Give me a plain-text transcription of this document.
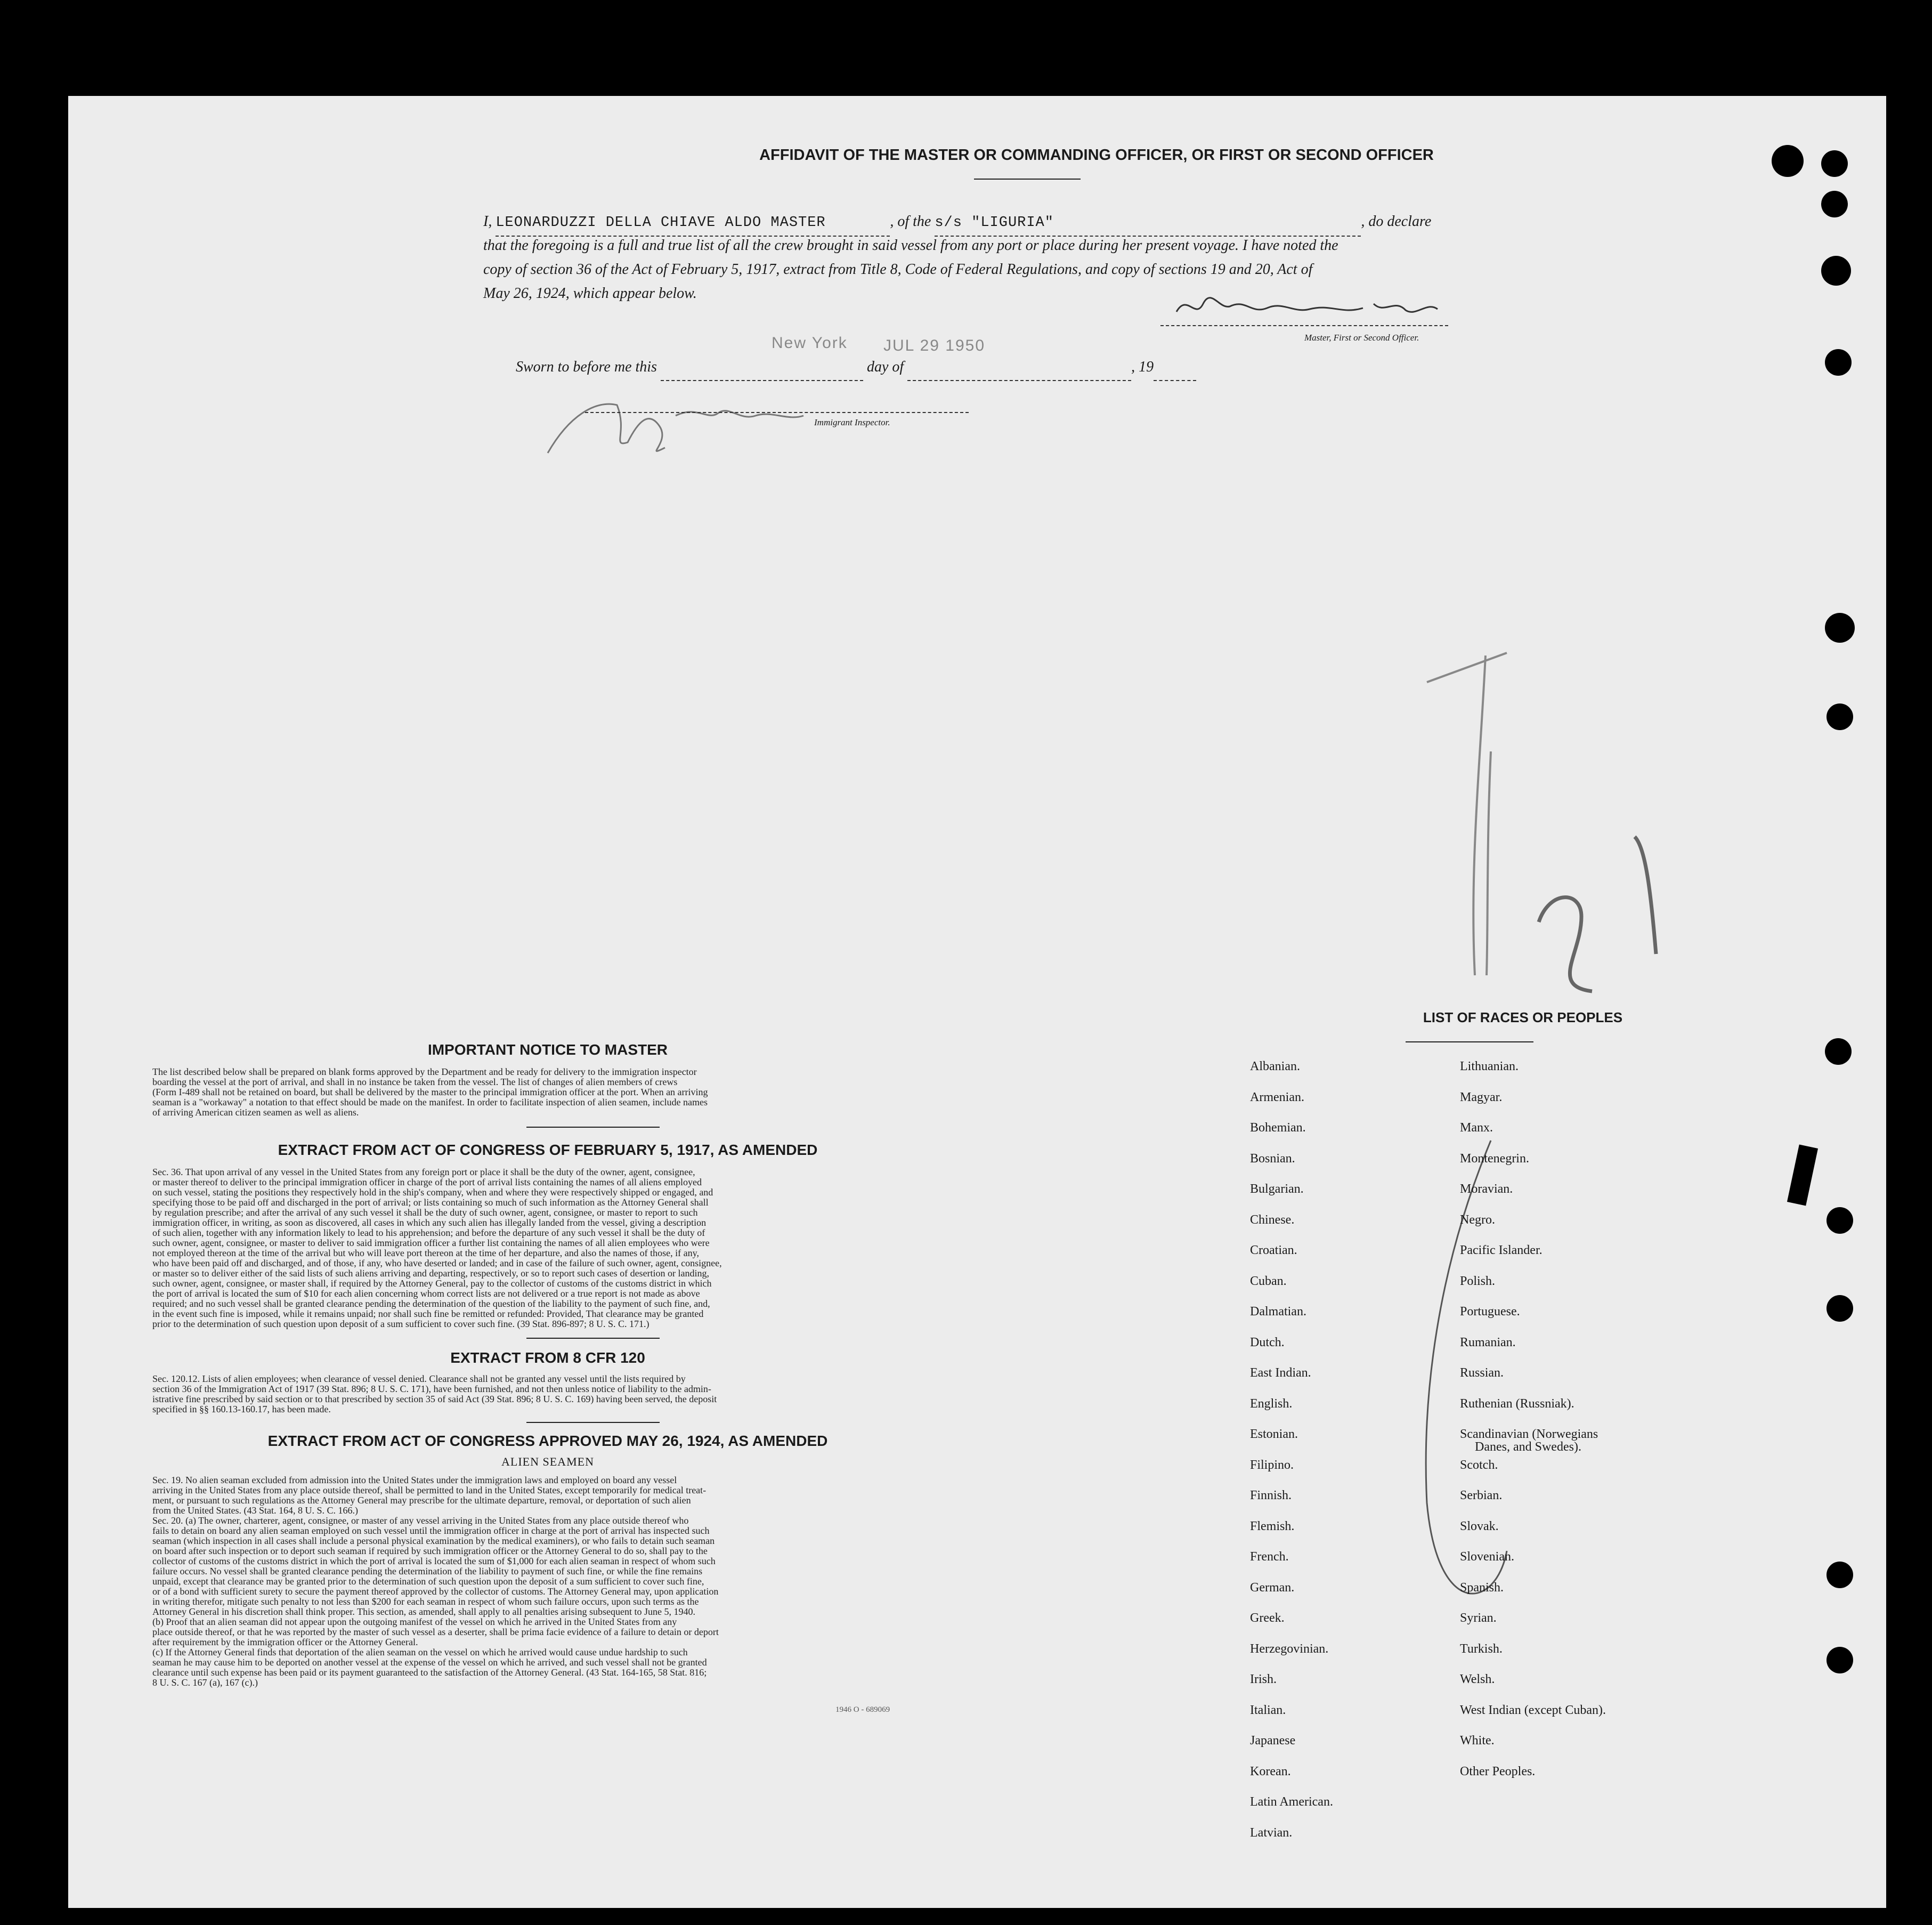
AFFIDAVIT OF THE MASTER OR COMMANDING OFFICER, OR FIRST OR SECOND OFFICER
I, LEONARDUZZI DELLA CHIAVE ALDO MASTER	, of the s/s "LIGURIA"	, do declare
that the foregoing is a full and true list of all the crew brought in said vessel from any port or place during her present voyage. I have noted the
copy of section 36 of the Act of February 5, 1917, extract from Title 8, Code of Federal Regulations, and copy of sections 19 and 20, Act of
May 26, 1924, which appear below.
Master, First or Second Officer.
New York JUL 29 1950
Sworn to before me this	day of	, 19
Immigrant Inspector.
IMPORTANT NOTICE TO MASTER
The list described below shall be prepared on blank forms approved by the Department and be ready for delivery to the immigration inspector
boarding the vessel at the port of arrival, and shall in no instance be taken from the vessel. The list of changes of alien members of crews
(Form I-489 shall not be retained on board, but shall be delivered by the master to the principal immigration officer at the port. When an arriving
seaman is a "workaway" a notation to that effect should be made on the manifest. In order to facilitate inspection of alien seamen, include names
of arriving American citizen seamen as well as aliens.
EXTRACT FROM ACT OF CONGRESS OF FEBRUARY 5, 1917, AS AMENDED
Sec. 36. That upon arrival of any vessel in the United States from any foreign port or place it shall be the duty of the owner, agent, consignee,
or master thereof to deliver to the principal immigration officer in charge of the port of arrival lists containing the names of all aliens employed
on such vessel, stating the positions they respectively hold in the ship's company, when and where they were respectively shipped or engaged, and
specifying those to be paid off and discharged in the port of arrival; or lists containing so much of such information as the Attorney General shall
by regulation prescribe; and after the arrival of any such vessel it shall be the duty of such owner, agent, consignee, or master to report to such
immigration officer, in writing, as soon as discovered, all cases in which any such alien has illegally landed from the vessel, giving a description
of such alien, together with any information likely to lead to his apprehension; and before the departure of any such vessel it shall be the duty of
such owner, agent, consignee, or master to deliver to said immigration officer a further list containing the names of all alien employees who were
not employed thereon at the time of the arrival but who will leave port thereon at the time of her departure, and also the names of those, if any,
who have been paid off and discharged, and of those, if any, who have deserted or landed; and in case of the failure of such owner, agent, consignee,
or master so to deliver either of the said lists of such aliens arriving and departing, respectively, or so to report such cases of desertion or landing,
such owner, agent, consignee, or master shall, if required by the Attorney General, pay to the collector of customs of the customs district in which
the port of arrival is located the sum of $10 for each alien concerning whom correct lists are not delivered or a true report is not made as above
required; and no such vessel shall be granted clearance pending the determination of the question of the liability to the payment of such fine, and,
in the event such fine is imposed, while it remains unpaid; nor shall such fine be remitted or refunded: Provided, That clearance may be granted
prior to the determination of such question upon deposit of a sum sufficient to cover such fine. (39 Stat. 896-897; 8 U. S. C. 171.)
EXTRACT FROM 8 CFR 120
Sec. 120.12. Lists of alien employees; when clearance of vessel denied. Clearance shall not be granted any vessel until the lists required by
section 36 of the Immigration Act of 1917 (39 Stat. 896; 8 U. S. C. 171), have been furnished, and not then unless notice of liability to the admin-
istrative fine prescribed by said section or to that prescribed by section 35 of said Act (39 Stat. 896; 8 U. S. C. 169) having been served, the deposit
specified in §§ 160.13-160.17, has been made.
EXTRACT FROM ACT OF CONGRESS APPROVED MAY 26, 1924, AS AMENDED
ALIEN SEAMEN
Sec. 19. No alien seaman excluded from admission into the United States under the immigration laws and employed on board any vessel
arriving in the United States from any place outside thereof, shall be permitted to land in the United States, except temporarily for medical treat-
ment, or pursuant to such regulations as the Attorney General may prescribe for the ultimate departure, removal, or deportation of such alien
from the United States. (43 Stat. 164, 8 U. S. C. 166.)
Sec. 20. (a) The owner, charterer, agent, consignee, or master of any vessel arriving in the United States from any place outside thereof who
fails to detain on board any alien seaman employed on such vessel until the immigration officer in charge at the port of arrival has inspected such
seaman (which inspection in all cases shall include a personal physical examination by the medical examiners), or who fails to detain such seaman
on board after such inspection or to deport such seaman if required by such immigration officer or the Attorney General to do so, shall pay to the
collector of customs of the customs district in which the port of arrival is located the sum of $1,000 for each alien seaman in respect of whom such
failure occurs. No vessel shall be granted clearance pending the determination of the liability to payment of such fine, or while the fine remains
unpaid, except that clearance may be granted prior to the determination of such question upon the deposit of a sum sufficient to cover such fine,
or of a bond with sufficient surety to secure the payment thereof approved by the collector of customs. The Attorney General may, upon application
in writing therefor, mitigate such penalty to not less than $200 for each seaman in respect of whom such failure occurs, upon such terms as the
Attorney General in his discretion shall think proper. This section, as amended, shall apply to all penalties arising subsequent to June 5, 1940.
(b) Proof that an alien seaman did not appear upon the outgoing manifest of the vessel on which he arrived in the United States from any
place outside thereof, or that he was reported by the master of such vessel as a deserter, shall be prima facie evidence of a failure to detain or deport
after requirement by the immigration officer or the Attorney General.
(c) If the Attorney General finds that deportation of the alien seaman on the vessel on which he arrived would cause undue hardship to such
seaman he may cause him to be deported on another vessel at the expense of the vessel on which he arrived, and such vessel shall not be granted
clearance until such expense has been paid or its payment guaranteed to the satisfaction of the Attorney General. (43 Stat. 164-165, 58 Stat. 816;
8 U. S. C. 167 (a), 167 (c).)
1946 O - 689069
LIST OF RACES OR PEOPLES
Albanian.
Armenian.
Bohemian.
Bosnian.
Bulgarian.
Chinese.
Croatian.
Cuban.
Dalmatian.
Dutch.
East Indian.
English.
Estonian.
Filipino.
Finnish.
Flemish.
French.
German.
Greek.
Herzegovinian.
Irish.
Italian.
Japanese
Korean.
Latin American.
Latvian.
Lithuanian.
Magyar.
Manx.
Montenegrin.
Moravian.
Negro.
Pacific Islander.
Polish.
Portuguese.
Rumanian.
Russian.
Ruthenian (Russniak).
Scandinavian (Norwegians
Danes, and Swedes).
Scotch.
Serbian.
Slovak.
Slovenian.
Spanish.
Syrian.
Turkish.
Welsh.
West Indian (except Cuban).
White.
Other Peoples.
